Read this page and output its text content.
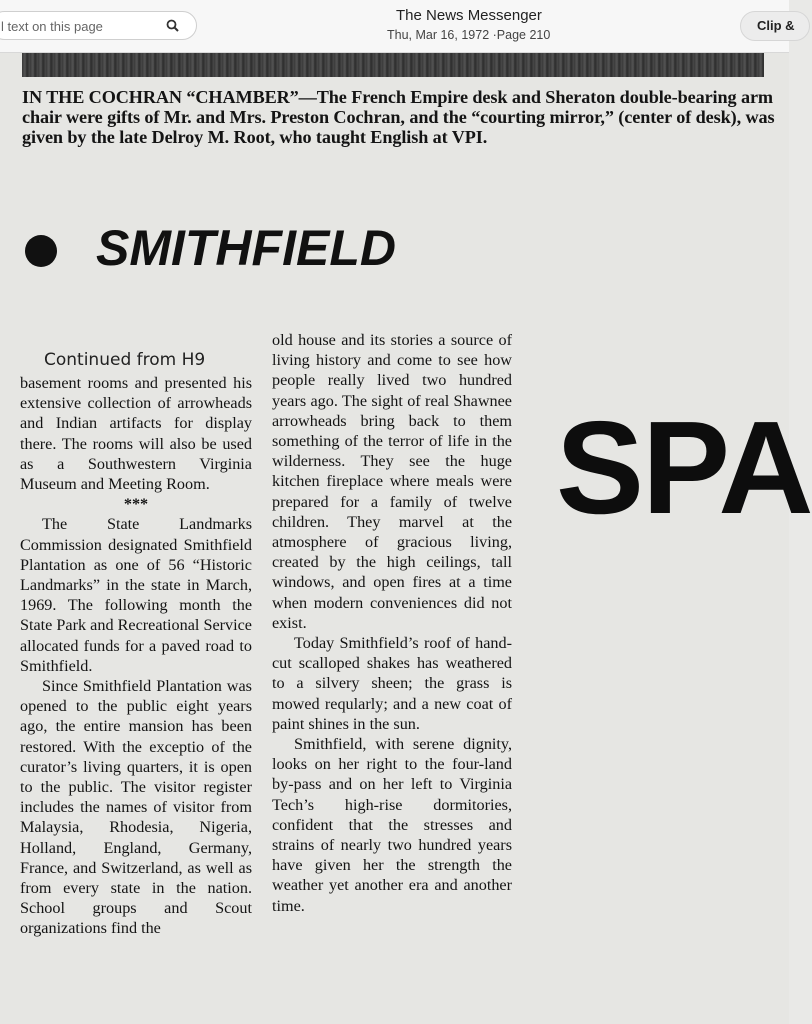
l text on this page
The News Messenger
Thu, Mar 16, 1972 ·Page 210
Clip &
IN THE COCHRAN “CHAMBER”—The French Empire desk and Sheraton double-bearing arm chair were gifts of Mr. and Mrs. Preston Cochran, and the “courting mirror,” (center of desk), was given by the late Delroy M. Root, who taught English at VPI.
SMITHFIELD
Continued from H9

basement rooms and presented his extensive collection of arrowheads and Indian artifacts for display there. The rooms will also be used as a Southwestern Virginia Museum and Meeting Room.

***

The State Landmarks Commission designated Smithfield Plantation as one of 56 “Historic Landmarks” in the state in March, 1969. The following month the State Park and Recreational Service allocated funds for a paved road to Smithfield.

Since Smithfield Plantation was opened to the public eight years ago, the entire mansion has been restored. With the exceptio of the curator’s living quarters, it is open to the public. The visitor register includes the names of visitor from Malaysia, Rhodesia, Nigeria, Holland, England, Germany, France, and Switzerland, as well as from every state in the nation. School groups and Scout organizations find the

old house and its stories a source of living history and come to see how people really lived two hundred years ago. The sight of real Shawnee arrowheads bring back to them something of the terror of life in the wilderness. They see the huge kitchen fireplace where meals were prepared for a family of twelve children. They marvel at the atmosphere of gracious living, created by the high ceilings, tall windows, and open fires at a time when modern conveniences did not exist.

Today Smithfield’s roof of hand-cut scalloped shakes has weathered to a silvery sheen; the grass is mowed reqularly; and a new coat of paint shines in the sun.

Smithfield, with serene dignity, looks on her right to the four-land by-pass and on her left to Virginia Tech’s high-rise dormitories, confident that the stresses and strains of nearly two hundred years have given her the strength the weather yet another era and another time.

SPA
